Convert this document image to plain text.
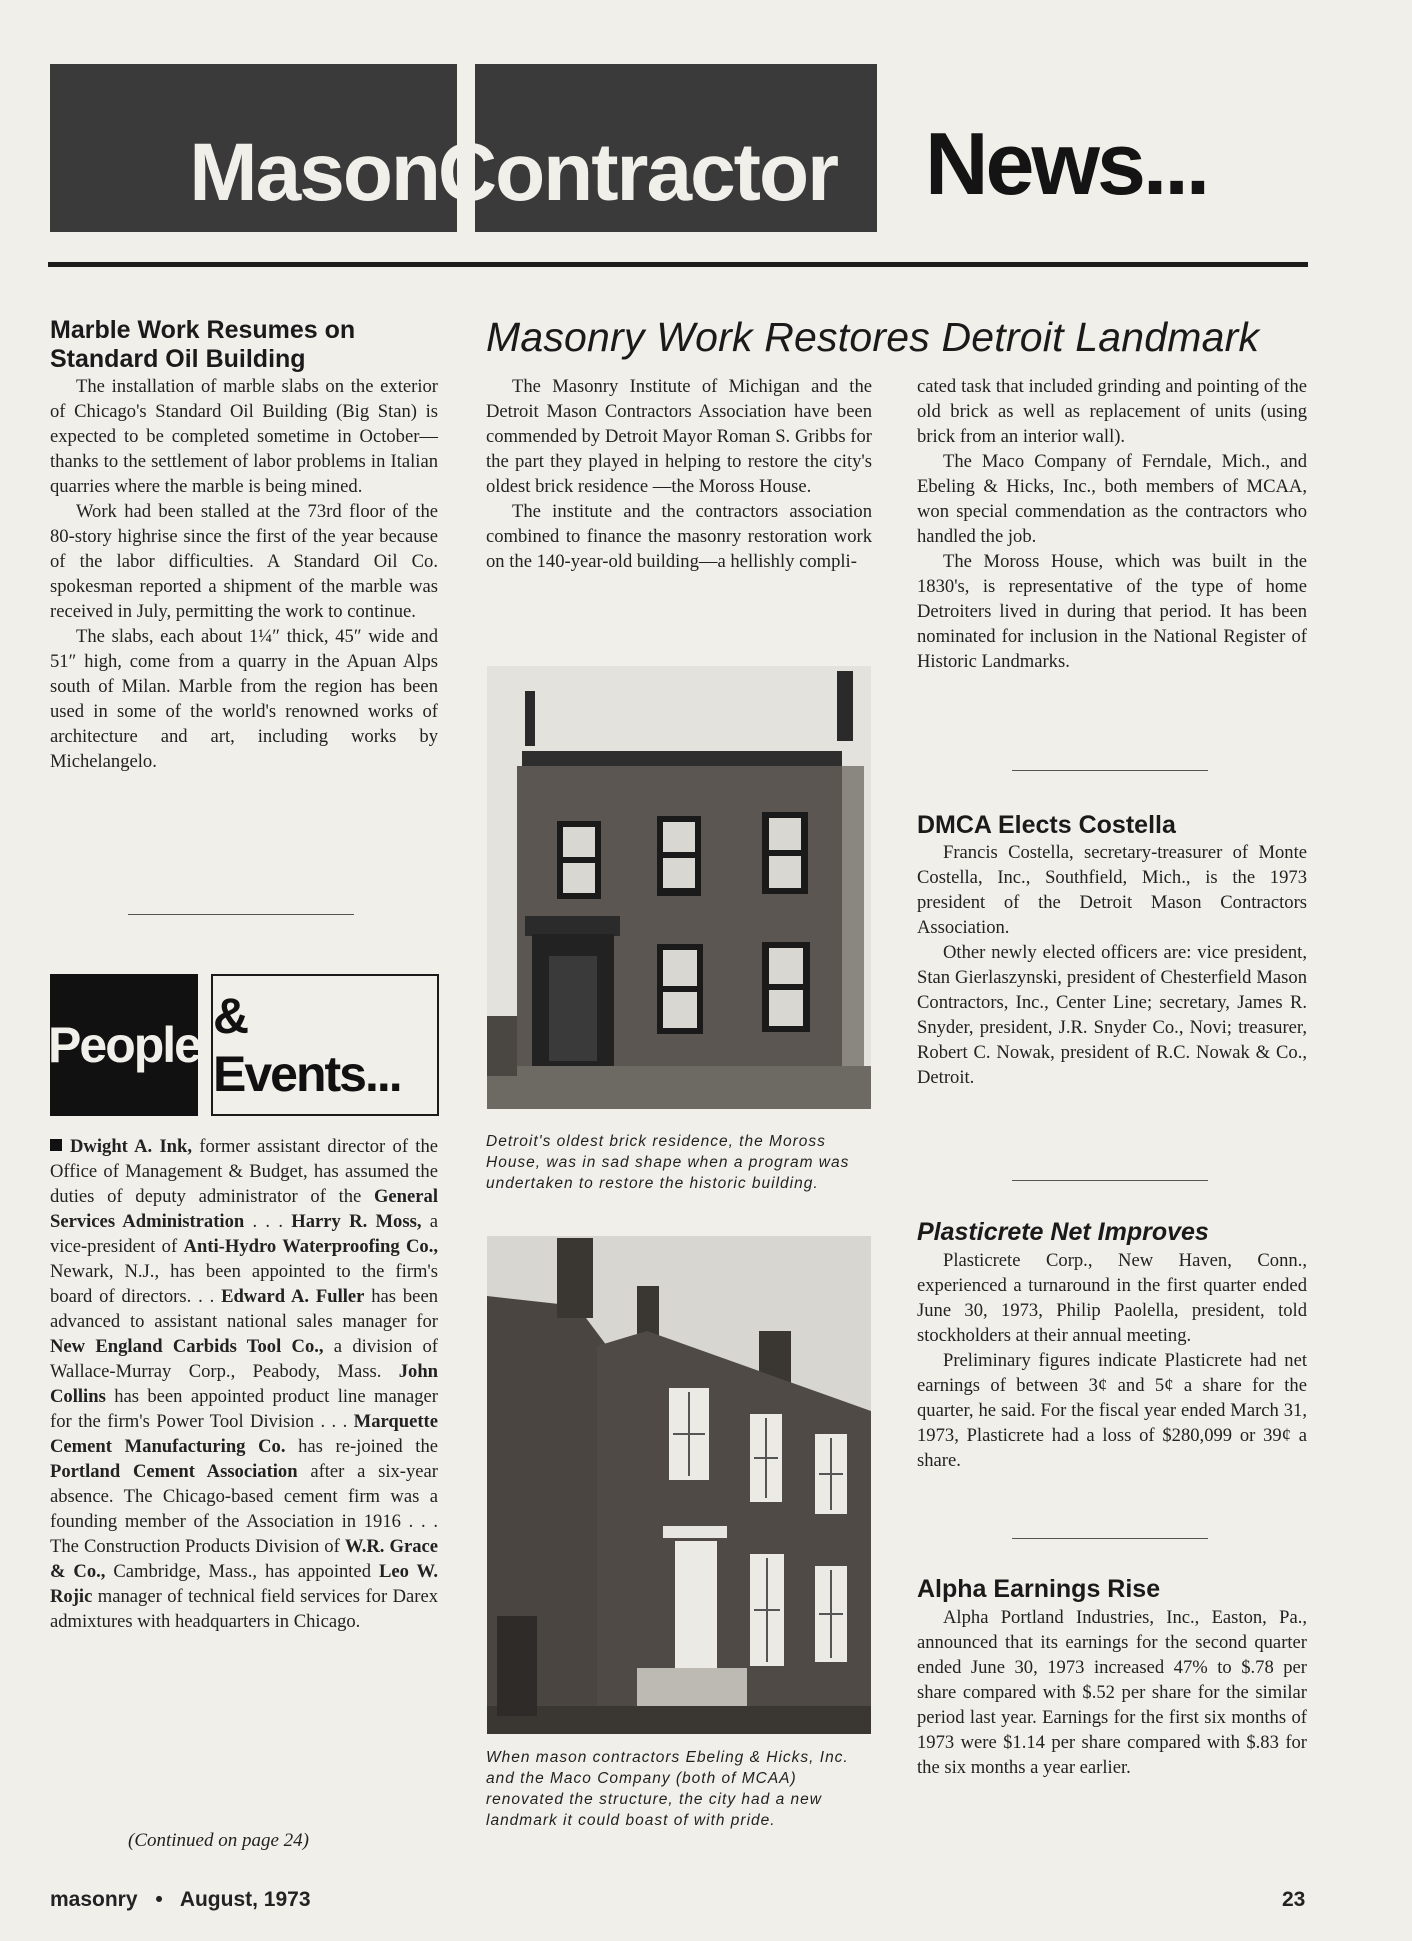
Mason
Contractor News...
Marble Work Resumes on Standard Oil Building

The installation of marble slabs on the exterior of Chicago's Standard Oil Building (Big Stan) is expected to be completed sometime in October—thanks to the settlement of labor problems in Italian quarries where the marble is being mined.

Work had been stalled at the 73rd floor of the 80-story highrise since the first of the year because of the labor difficulties. A Standard Oil Co. spokesman reported a shipment of the marble was received in July, permitting the work to continue.

The slabs, each about 1¼″ thick, 45″ wide and 51″ high, come from a quarry in the Apuan Alps south of Milan. Marble from the region has been used in some of the world's renowned works of architecture and art, including works by Michelangelo.

People
& Events...

Dwight A. Ink, former assistant director of the Office of Management & Budget, has assumed the duties of deputy administrator of the General Services Administration . . . Harry R. Moss, a vice-president of Anti-Hydro Waterproofing Co., Newark, N.J., has been appointed to the firm's board of directors. . . Edward A. Fuller has been advanced to assistant national sales manager for New England Carbids Tool Co., a division of Wallace-Murray Corp., Peabody, Mass. John Collins has been appointed product line manager for the firm's Power Tool Division . . . Marquette Cement Manufacturing Co. has re-joined the Portland Cement Association after a six-year absence. The Chicago-based cement firm was a founding member of the Association in 1916 . . . The Construction Products Division of W.R. Grace & Co., Cambridge, Mass., has appointed Leo W. Rojic manager of technical field services for Darex admixtures with headquarters in Chicago.

(Continued on page 24)
Masonry Work Restores Detroit Landmark

The Masonry Institute of Michigan and the Detroit Mason Contractors Association have been commended by Detroit Mayor Roman S. Gribbs for the part they played in helping to restore the city's oldest brick residence —the Moross House.

The institute and the contractors association combined to finance the masonry restoration work on the 140-year-old building—a hellishly compli-

Detroit's oldest brick residence, the Moross House, was in sad shape when a program was undertaken to restore the historic building.
When mason contractors Ebeling & Hicks, Inc. and the Maco Company (both of MCAA) renovated the structure, the city had a new landmark it could boast of with pride.

cated task that included grinding and pointing of the old brick as well as replacement of units (using brick from an interior wall).

The Maco Company of Ferndale, Mich., and Ebeling & Hicks, Inc., both members of MCAA, won special commendation as the contractors who handled the job.

The Moross House, which was built in the 1830's, is representative of the type of home Detroiters lived in during that period. It has been nominated for inclusion in the National Register of Historic Landmarks.

DMCA Elects Costella

Francis Costella, secretary-treasurer of Monte Costella, Inc., Southfield, Mich., is the 1973 president of the Detroit Mason Contractors Association.

Other newly elected officers are: vice president, Stan Gierlaszynski, president of Chesterfield Mason Contractors, Inc., Center Line; secretary, James R. Snyder, president, J.R. Snyder Co., Novi; treasurer, Robert C. Nowak, president of R.C. Nowak & Co., Detroit.

Plasticrete Net Improves

Plasticrete Corp., New Haven, Conn., experienced a turnaround in the first quarter ended June 30, 1973, Philip Paolella, president, told stockholders at their annual meeting.

Preliminary figures indicate Plasticrete had net earnings of between 3¢ and 5¢ a share for the quarter, he said. For the fiscal year ended March 31, 1973, Plasticrete had a loss of $280,099 or 39¢ a share.

Alpha Earnings Rise

Alpha Portland Industries, Inc., Easton, Pa., announced that its earnings for the second quarter ended June 30, 1973 increased 47% to $.78 per share compared with $.52 per share for the similar period last year. Earnings for the first six months of 1973 were $1.14 per share compared with $.83 for the six months a year earlier.

masonry • August, 1973	23
